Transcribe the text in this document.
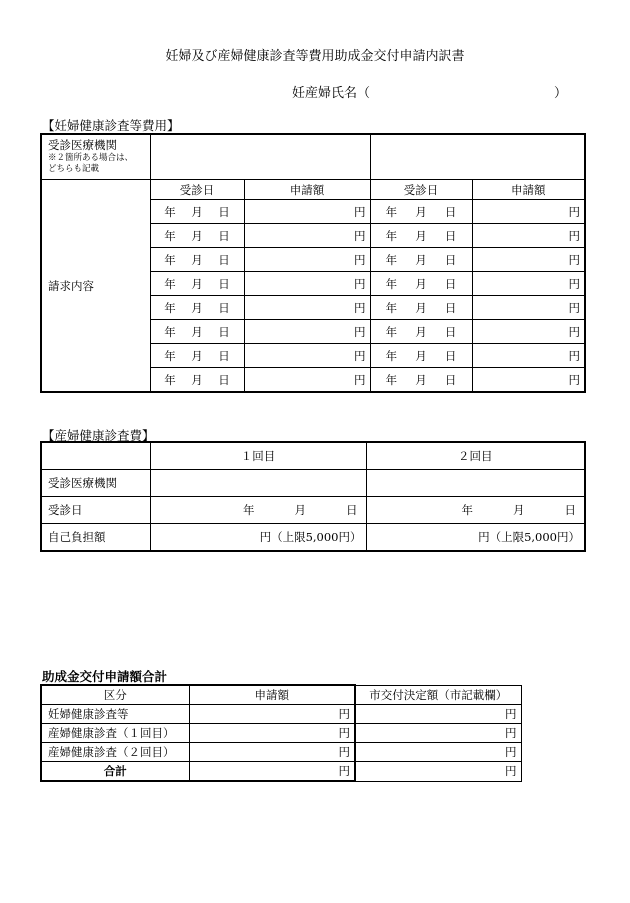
妊婦及び産婦健康診査等費用助成金交付申請内訳書
妊産婦氏名（	）
【妊婦健康診査等費用】
受診医療機関
※２箇所ある場合は、
どちらも記載				

請求内容	受診日	申請額	受診日	申請額

	年 月 日	円	年 月 日	円

	年 月 日	円	年 月 日	円

	年 月 日	円	年 月 日	円

	年 月 日	円	年 月 日	円

	年 月 日	円	年 月 日	円

	年 月 日	円	年 月 日	円

	年 月 日	円	年 月 日	円

	年 月 日	円	年 月 日	円
【産婦健康診査費】
	１回目	２回目
受診医療機関		
受診日	年 月 日	年 月 日

自己負担額	円（上限5,000円）	円（上限5,000円）
助成金交付申請額合計
区分	申請額	市交付決定額（市記載欄）
妊婦健康診査等	円	円
産婦健康診査（１回目）	円	円
産婦健康診査（２回目）	円	円
合計	円	円
